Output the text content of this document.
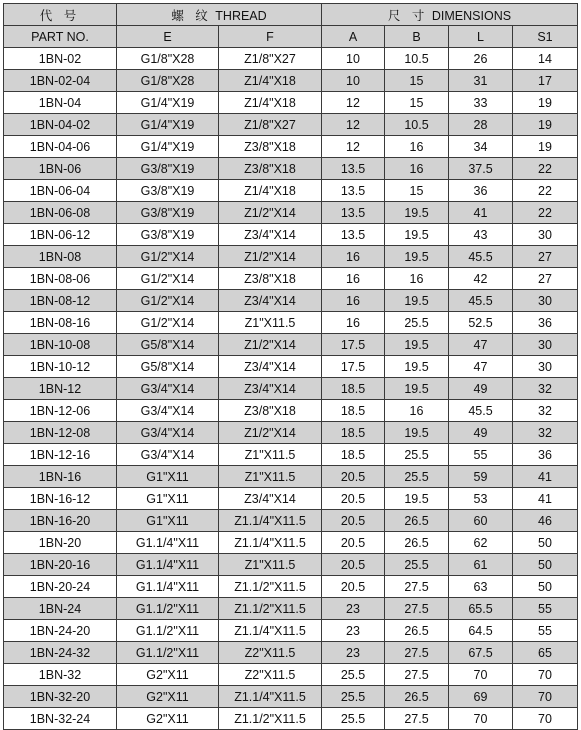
代 号	螺 纹 THREAD		尺 寸 DIMENSIONS			
PART NO.	E	F	A	B	L	S1
1BN-02	G1/8"X28	Z1/8"X27	10	10.5	26	14
1BN-02-04	G1/8"X28	Z1/4"X18	10	15	31	17
1BN-04	G1/4"X19	Z1/4"X18	12	15	33	19
1BN-04-02	G1/4"X19	Z1/8"X27	12	10.5	28	19
1BN-04-06	G1/4"X19	Z3/8"X18	12	16	34	19
1BN-06	G3/8"X19	Z3/8"X18	13.5	16	37.5	22
1BN-06-04	G3/8"X19	Z1/4"X18	13.5	15	36	22
1BN-06-08	G3/8"X19	Z1/2"X14	13.5	19.5	41	22
1BN-06-12	G3/8"X19	Z3/4"X14	13.5	19.5	43	30
1BN-08	G1/2"X14	Z1/2"X14	16	19.5	45.5	27
1BN-08-06	G1/2"X14	Z3/8"X18	16	16	42	27
1BN-08-12	G1/2"X14	Z3/4"X14	16	19.5	45.5	30
1BN-08-16	G1/2"X14	Z1"X11.5	16	25.5	52.5	36
1BN-10-08	G5/8"X14	Z1/2"X14	17.5	19.5	47	30
1BN-10-12	G5/8"X14	Z3/4"X14	17.5	19.5	47	30
1BN-12	G3/4"X14	Z3/4"X14	18.5	19.5	49	32
1BN-12-06	G3/4"X14	Z3/8"X18	18.5	16	45.5	32
1BN-12-08	G3/4"X14	Z1/2"X14	18.5	19.5	49	32
1BN-12-16	G3/4"X14	Z1"X11.5	18.5	25.5	55	36
1BN-16	G1"X11	Z1"X11.5	20.5	25.5	59	41
1BN-16-12	G1"X11	Z3/4"X14	20.5	19.5	53	41
1BN-16-20	G1"X11	Z1.1/4"X11.5	20.5	26.5	60	46
1BN-20	G1.1/4"X11	Z1.1/4"X11.5	20.5	26.5	62	50
1BN-20-16	G1.1/4"X11	Z1"X11.5	20.5	25.5	61	50
1BN-20-24	G1.1/4"X11	Z1.1/2"X11.5	20.5	27.5	63	50
1BN-24	G1.1/2"X11	Z1.1/2"X11.5	23	27.5	65.5	55
1BN-24-20	G1.1/2"X11	Z1.1/4"X11.5	23	26.5	64.5	55
1BN-24-32	G1.1/2"X11	Z2"X11.5	23	27.5	67.5	65
1BN-32	G2"X11	Z2"X11.5	25.5	27.5	70	70
1BN-32-20	G2"X11	Z1.1/4"X11.5	25.5	26.5	69	70
1BN-32-24	G2"X11	Z1.1/2"X11.5	25.5	27.5	70	70
